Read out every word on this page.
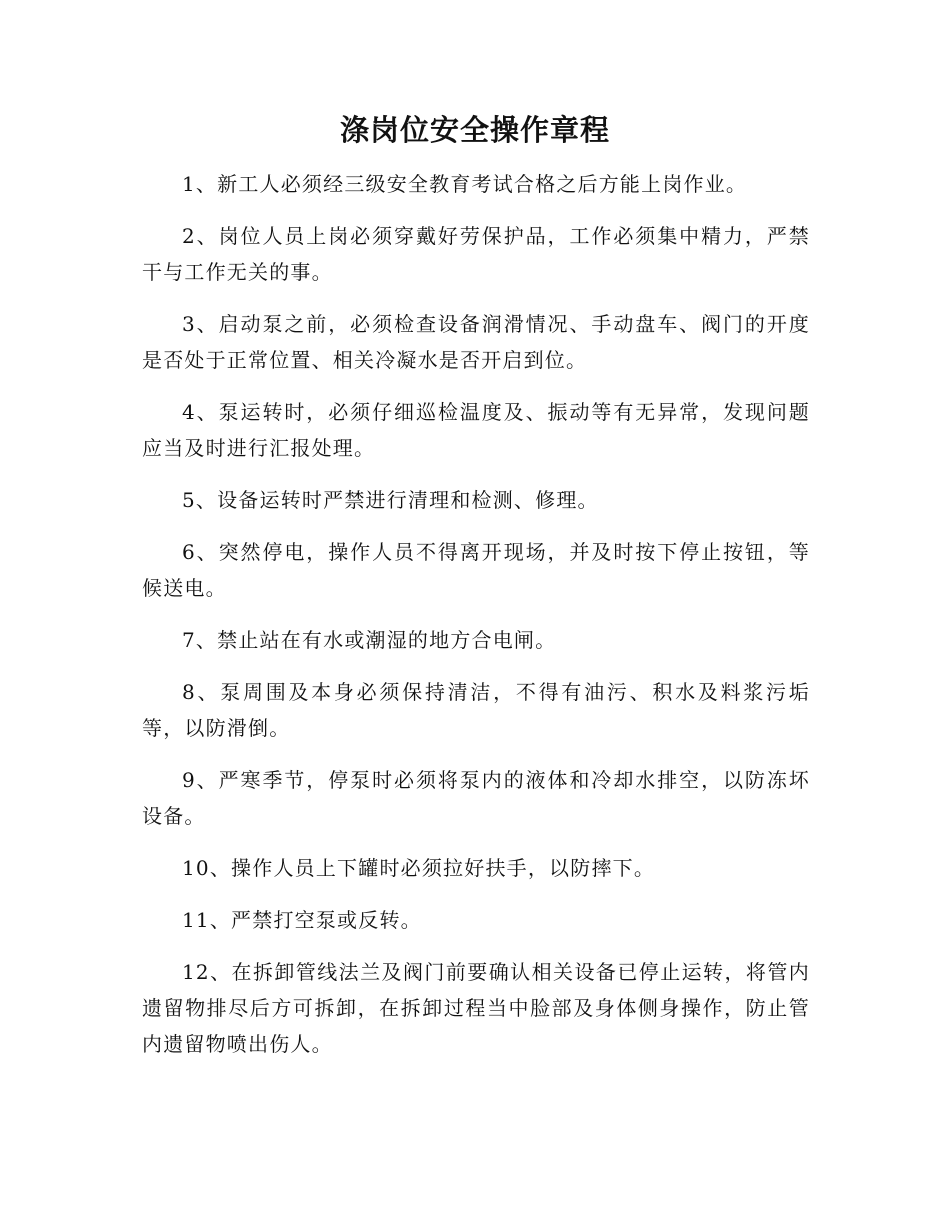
涤岗位安全操作章程

1、新工人必须经三级安全教育考试合格之后方能上岗作业。

2、岗位人员上岗必须穿戴好劳保护品，工作必须集中精力，严禁干与工作无关的事。

3、启动泵之前，必须检查设备润滑情况、手动盘车、阀门的开度是否处于正常位置、相关冷凝水是否开启到位。

4、泵运转时，必须仔细巡检温度及、振动等有无异常，发现问题应当及时进行汇报处理。

5、设备运转时严禁进行清理和检测、修理。

6、突然停电，操作人员不得离开现场，并及时按下停止按钮，等候送电。

7、禁止站在有水或潮湿的地方合电闸。

8、泵周围及本身必须保持清洁，不得有油污、积水及料浆污垢等，以防滑倒。

9、严寒季节，停泵时必须将泵内的液体和冷却水排空，以防冻坏设备。

10、操作人员上下罐时必须拉好扶手，以防摔下。

11、严禁打空泵或反转。

12、在拆卸管线法兰及阀门前要确认相关设备已停止运转，将管内遗留物排尽后方可拆卸，在拆卸过程当中脸部及身体侧身操作，防止管内遗留物喷出伤人。
